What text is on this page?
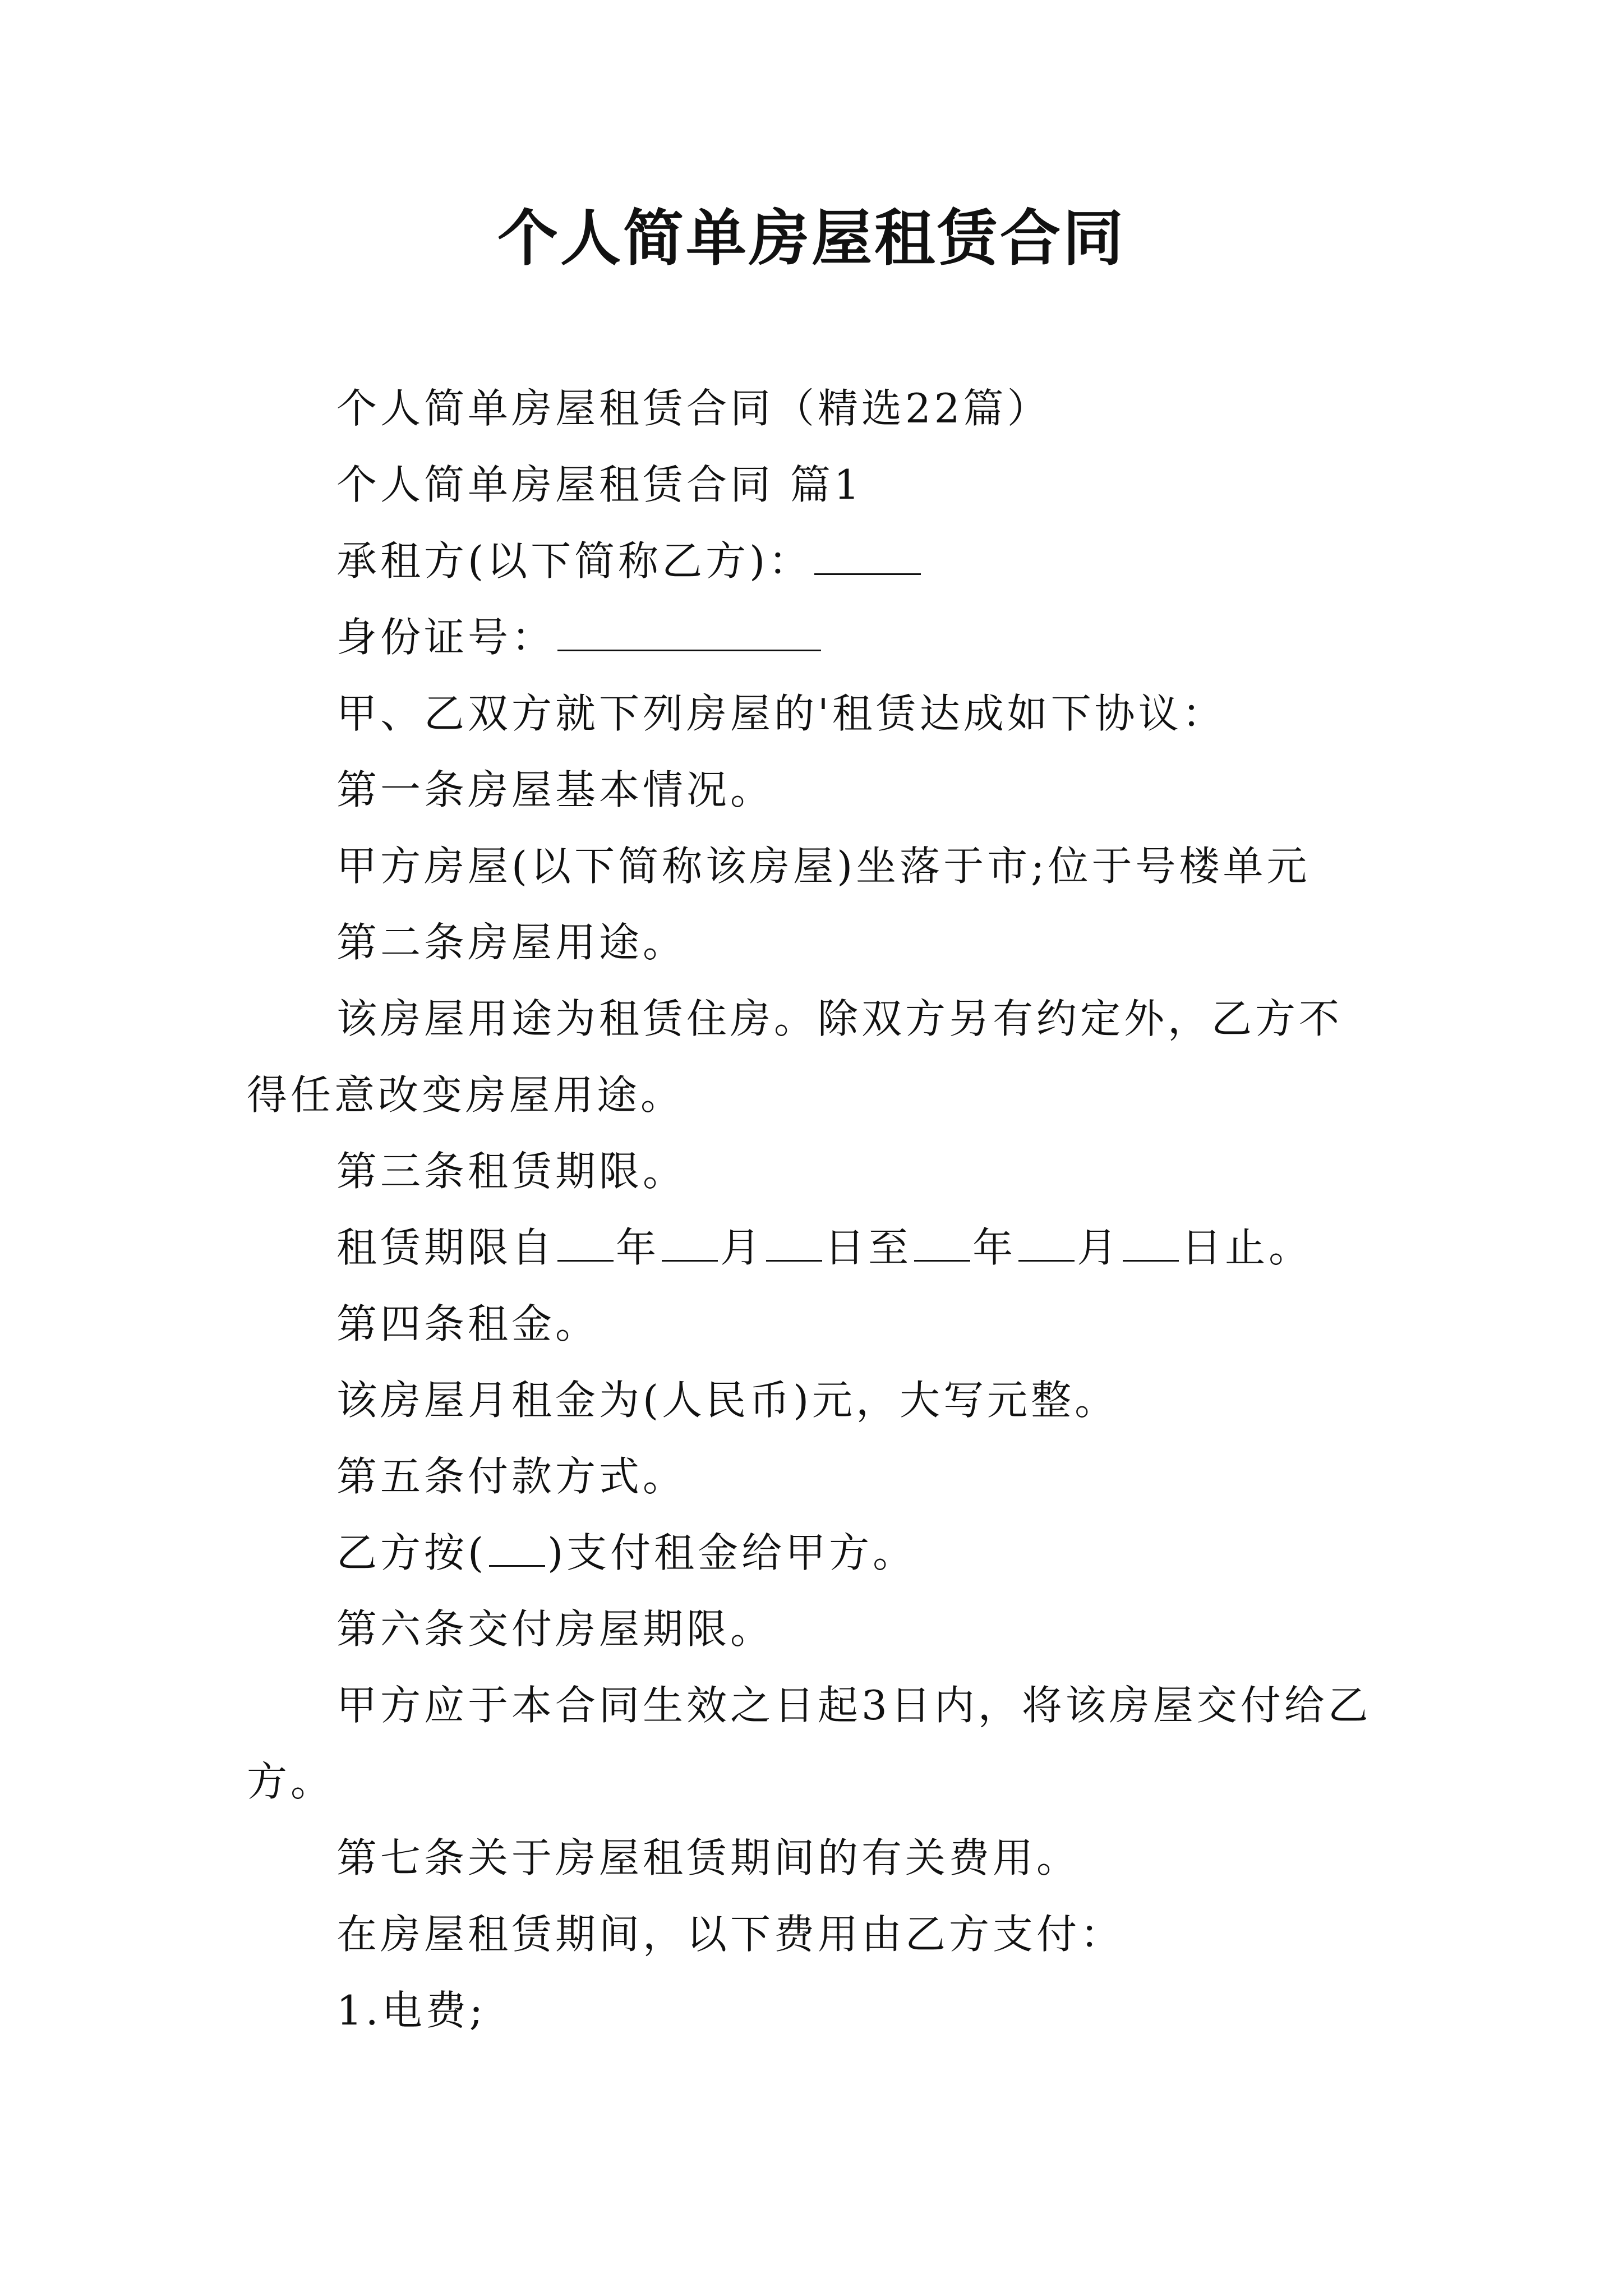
个人简单房屋租赁合同

个人简单房屋租赁合同（精选22篇）

个人简单房屋租赁合同 篇1

承租方(以下简称乙方)：

身份证号：

甲、乙双方就下列房屋的'租赁达成如下协议：

第一条房屋基本情况。

甲方房屋(以下简称该房屋)坐落于市;位于号楼单元

第二条房屋用途。

该房屋用途为租赁住房。除双方另有约定外，乙方不得任意改变房屋用途。

第三条租赁期限。

租赁期限自 年 月 日至 年 月 日止。

第四条租金。

该房屋月租金为(人民币)元，大写元整。

第五条付款方式。

乙方按( )支付租金给甲方。

第六条交付房屋期限。

甲方应于本合同生效之日起3日内，将该房屋交付给乙方。

第七条关于房屋租赁期间的有关费用。

在房屋租赁期间，以下费用由乙方支付：

1.电费;
